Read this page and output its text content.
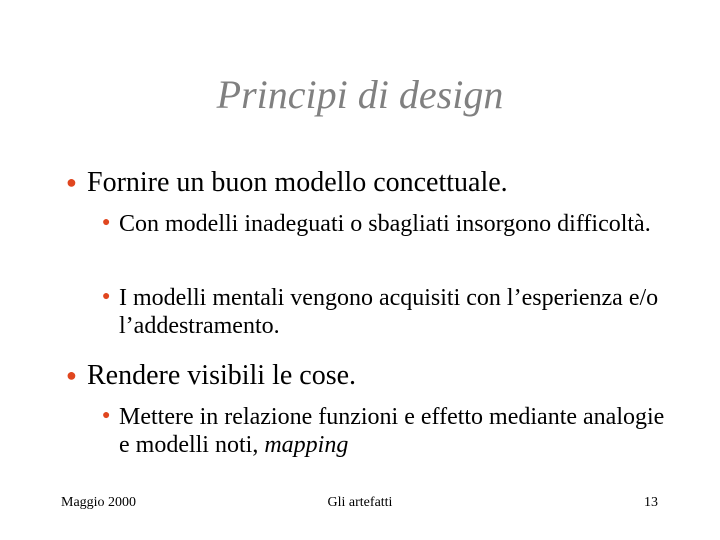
Principi di design
● Fornire un buon modello concettuale.
● Con modelli inadeguati o sbagliati insorgono difficoltà.
● I modelli mentali vengono acquisiti con l’esperienza e/o l’addestramento.
● Rendere visibili le cose.
● Mettere in relazione funzioni e effetto mediante analogie e modelli noti, mapping
Maggio 2000	Gli artefatti	13
